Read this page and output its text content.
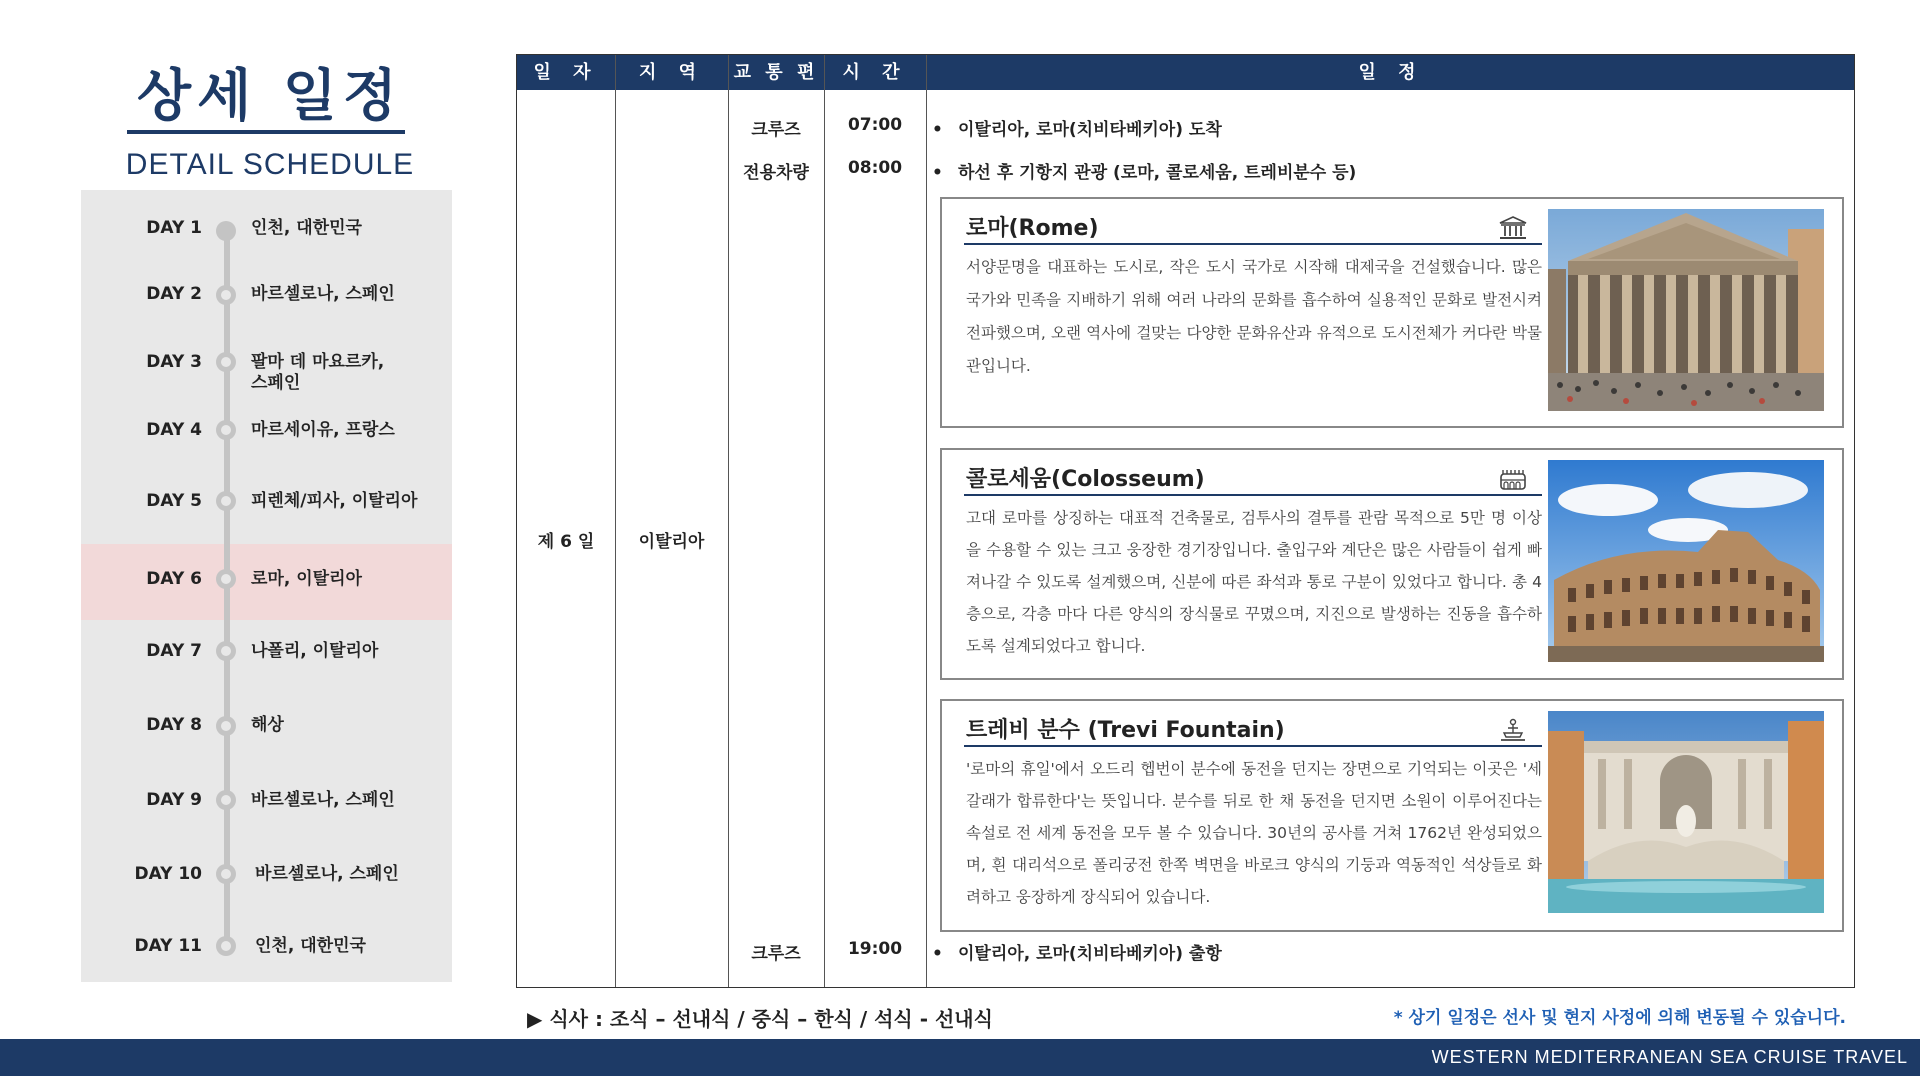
상세 일정
DETAIL SCHEDULE
DAY 1	인천, 대한민국
DAY 2	바르셀로나, 스페인
DAY 3	팔마 데 마요르카, 스페인
DAY 4	마르세이유, 프랑스
DAY 5	피렌체/피사, 이탈리아
DAY 6	로마, 이탈리아
DAY 7	나폴리, 이탈리아
DAY 8	해상
DAY 9	바르셀로나, 스페인
DAY 10	바르셀로나, 스페인
DAY 11	인천, 대한민국
일 자	지 역	교 통 편	시 간	일 정
제 6 일	이탈리아
크루즈	07:00	• 이탈리아, 로마(치비타베키아) 도착
전용차량	08:00	• 하선 후 기항지 관광 (로마, 콜로세움, 트레비분수 등)
로마(Rome)
서양문명을 대표하는 도시로, 작은 도시 국가로 시작해 대제국을 건설했습니다. 많은 국가와 민족을 지배하기 위해 여러 나라의 문화를 흡수하여 실용적인 문화로 발전시켜 전파했으며, 오랜 역사에 걸맞는 다양한 문화유산과 유적으로 도시전체가 커다란 박물관입니다.
콜로세움(Colosseum)
고대 로마를 상징하는 대표적 건축물로, 검투사의 결투를 관람 목적으로 5만 명 이상을 수용할 수 있는 크고 웅장한 경기장입니다. 출입구와 계단은 많은 사람들이 쉽게 빠져나갈 수 있도록 설계했으며, 신분에 따른 좌석과 통로 구분이 있었다고 합니다. 총 4층으로, 각층 마다 다른 양식의 장식물로 꾸몄으며, 지진으로 발생하는 진동을 흡수하도록 설계되었다고 합니다.
트레비 분수 (Trevi Fountain)
'로마의 휴일'에서 오드리 헵번이 분수에 동전을 던지는 장면으로 기억되는 이곳은 '세갈래가 합류한다'는 뜻입니다. 분수를 뒤로 한 채 동전을 던지면 소원이 이루어진다는 속설로 전 세계 동전을 모두 볼 수 있습니다. 30년의 공사를 거쳐 1762년 완성되었으며, 흰 대리석으로 폴리궁전 한쪽 벽면을 바로크 양식의 기둥과 역동적인 석상들로 화려하고 웅장하게 장식되어 있습니다.
크루즈	19:00	• 이탈리아, 로마(치비타베키아) 출항
▶ 식사 : 조식 – 선내식 / 중식 – 한식 / 석식 - 선내식	* 상기 일정은 선사 및 현지 사정에 의해 변동될 수 있습니다.
WESTERN MEDITERRANEAN SEA CRUISE TRAVEL
